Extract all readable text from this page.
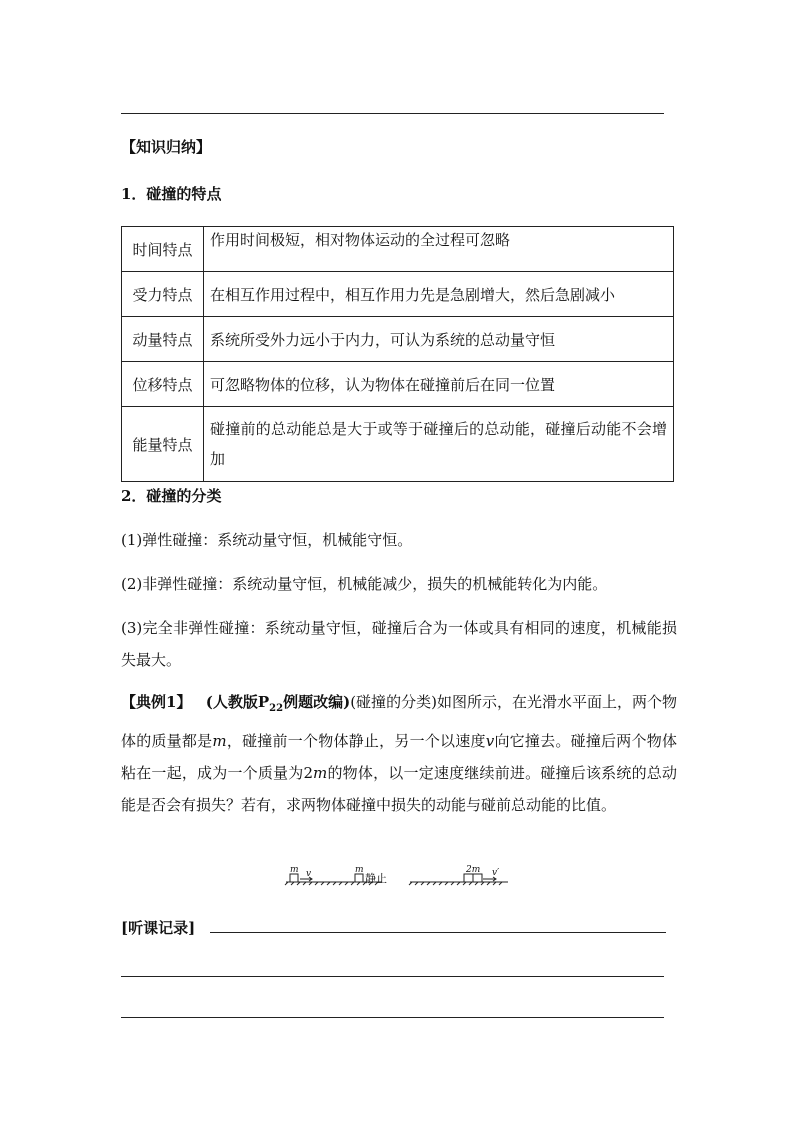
【知识归纳】
1．碰撞的特点
时间特点	作用时间极短，相对物体运动的全过程可忽略
受力特点	在相互作用过程中，相互作用力先是急剧增大，然后急剧减小
动量特点	系统所受外力远小于内力，可认为系统的总动量守恒
位移特点	可忽略物体的位移，认为物体在碰撞前后在同一位置
能量特点	碰撞前的总动能总是大于或等于碰撞后的总动能，碰撞后动能不会增加
2．碰撞的分类
(1)弹性碰撞：系统动量守恒，机械能守恒。
(2)非弹性碰撞：系统动量守恒，机械能减少，损失的机械能转化为内能。
(3)完全非弹性碰撞：系统动量守恒，碰撞后合为一体或具有相同的速度，机械能损失最大。
【典例1】 (人教版$P_{22}$例题改编)(碰撞的分类)如图所示，在光滑水平面上，两个物体的质量都是m，碰撞前一个物体静止，另一个以速度v向它撞去。碰撞后两个物体粘在一起，成为一个质量为2m的物体，以一定速度继续前进。碰撞后该系统的总动能是否会有损失？若有，求两物体碰撞中损失的动能与碰前总动能的比值。
m v	m
静止
2m v′
[听课记录]
